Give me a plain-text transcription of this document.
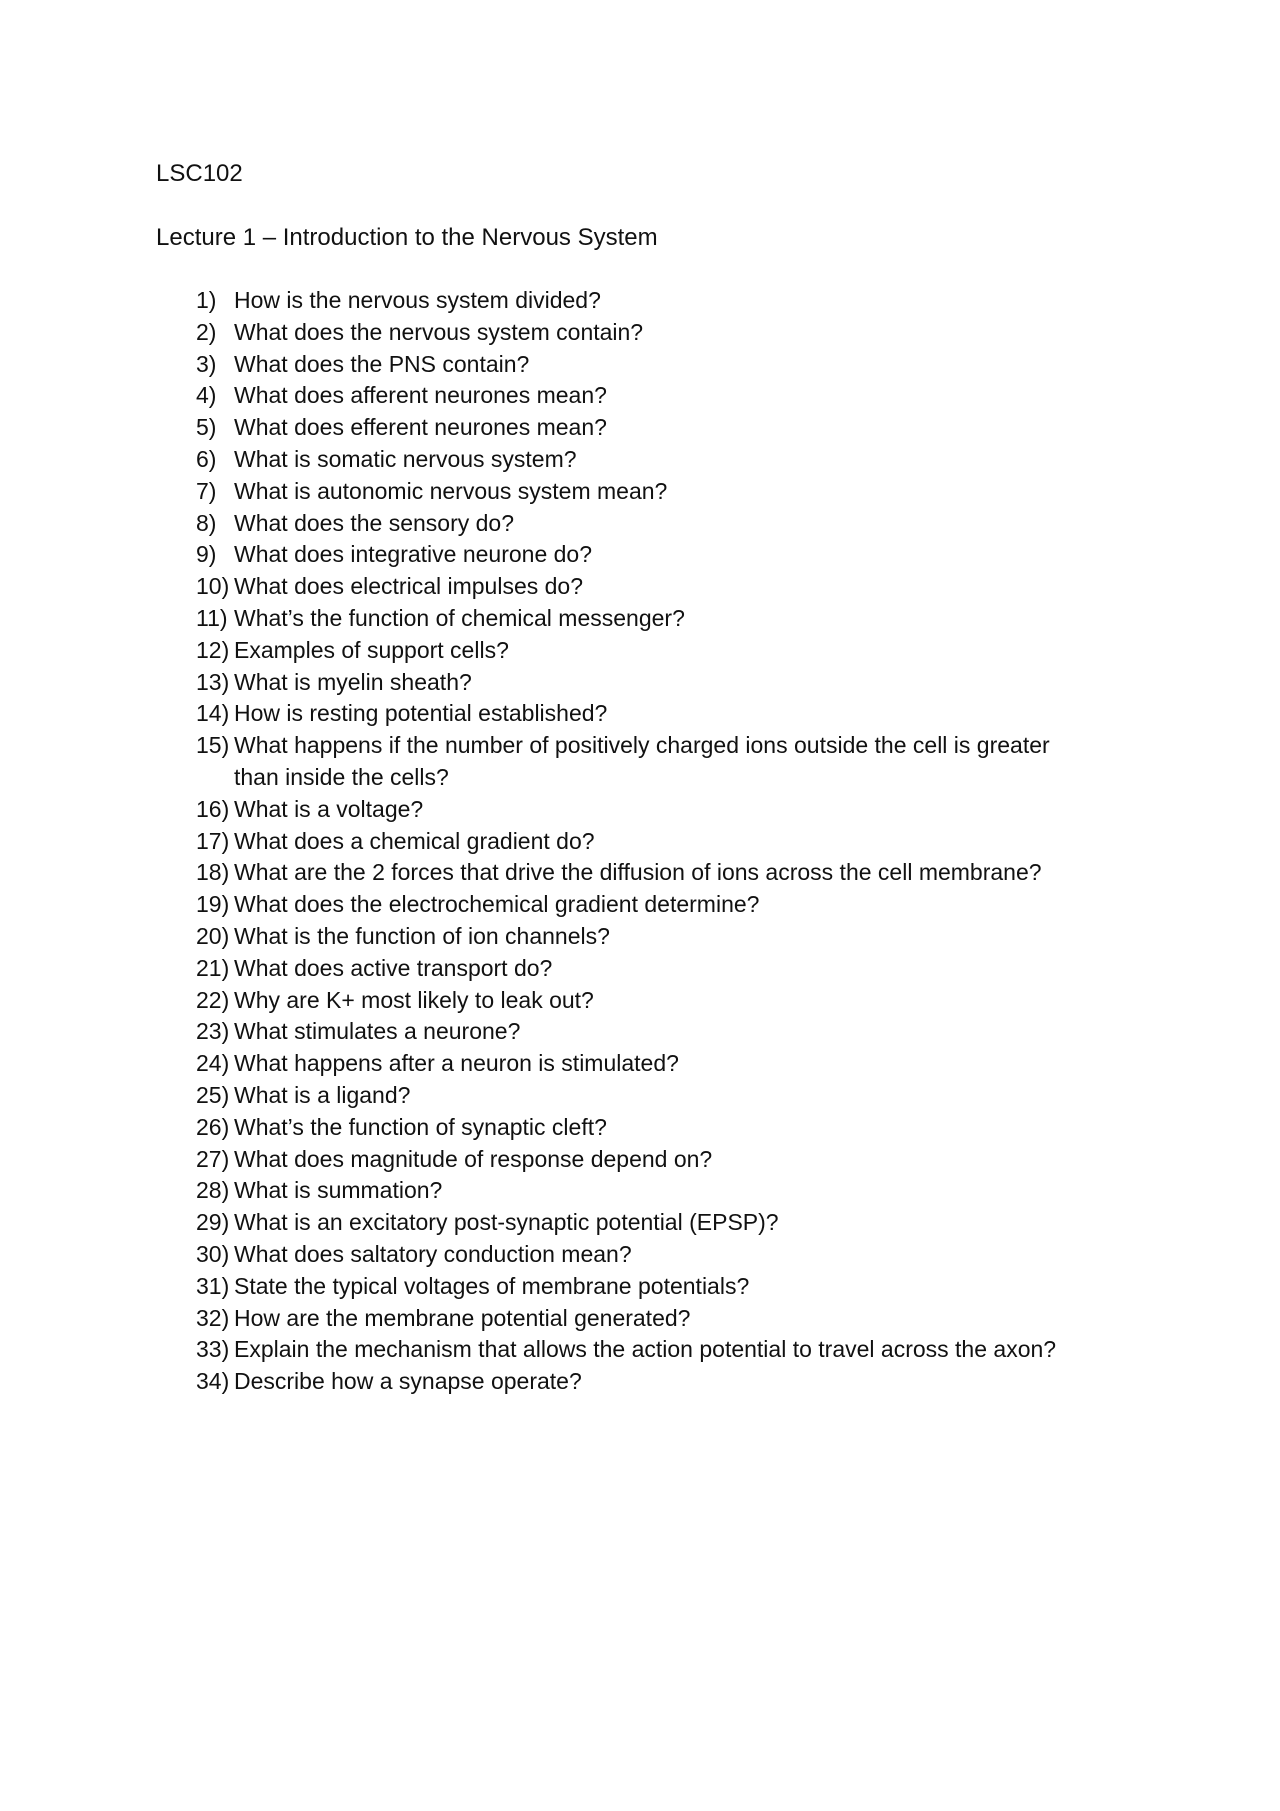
LSC102
Lecture 1 – Introduction to the Nervous System
1) How is the nervous system divided?
2) What does the nervous system contain?
3) What does the PNS contain?
4) What does afferent neurones mean?
5) What does efferent neurones mean?
6) What is somatic nervous system?
7) What is autonomic nervous system mean?
8) What does the sensory do?
9) What does integrative neurone do?
10) What does electrical impulses do?
11) What’s the function of chemical messenger?
12) Examples of support cells?
13) What is myelin sheath?
14) How is resting potential established?
15) What happens if the number of positively charged ions outside the cell is greater than inside the cells?
16) What is a voltage?
17) What does a chemical gradient do?
18) What are the 2 forces that drive the diffusion of ions across the cell membrane?
19) What does the electrochemical gradient determine?
20) What is the function of ion channels?
21) What does active transport do?
22) Why are K+ most likely to leak out?
23) What stimulates a neurone?
24) What happens after a neuron is stimulated?
25) What is a ligand?
26) What’s the function of synaptic cleft?
27) What does magnitude of response depend on?
28) What is summation?
29) What is an excitatory post-synaptic potential (EPSP)?
30) What does saltatory conduction mean?
31) State the typical voltages of membrane potentials?
32) How are the membrane potential generated?
33) Explain the mechanism that allows the action potential to travel across the axon?
34) Describe how a synapse operate?
